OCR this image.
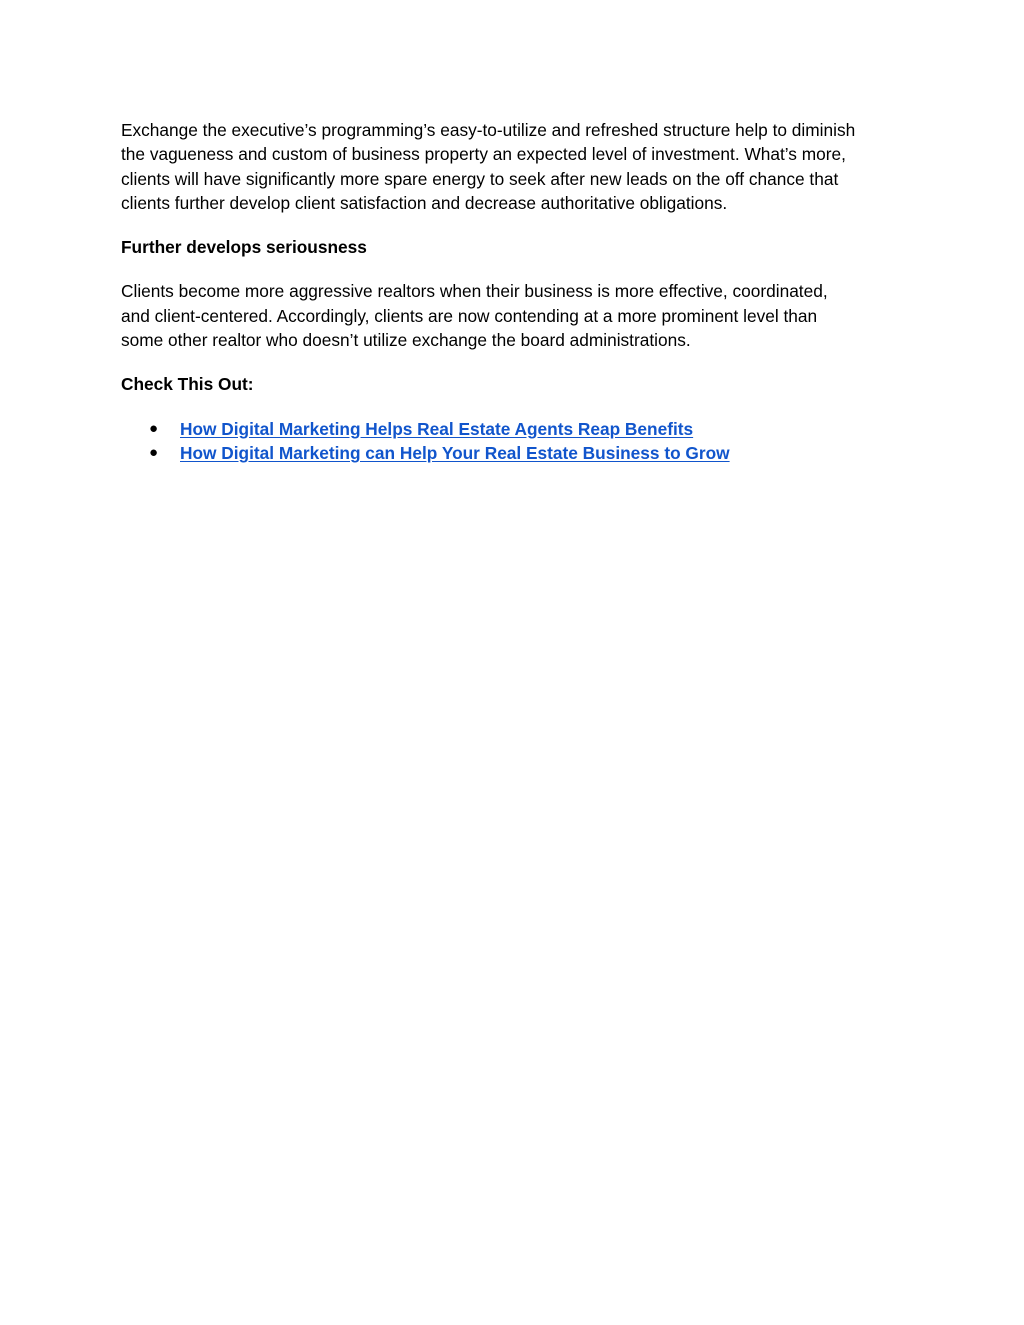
Exchange the executive’s programming’s easy-to-utilize and refreshed structure help to diminish
the vagueness and custom of business property an expected level of investment. What’s more,
clients will have significantly more spare energy to seek after new leads on the off chance that
clients further develop client satisfaction and decrease authoritative obligations.

Further develops seriousness

Clients become more aggressive realtors when their business is more effective, coordinated,
and client-centered. Accordingly, clients are now contending at a more prominent level than
some other realtor who doesn’t utilize exchange the board administrations.

Check This Out:
● How Digital Marketing Helps Real Estate Agents Reap Benefits
● How Digital Marketing can Help Your Real Estate Business to Grow
